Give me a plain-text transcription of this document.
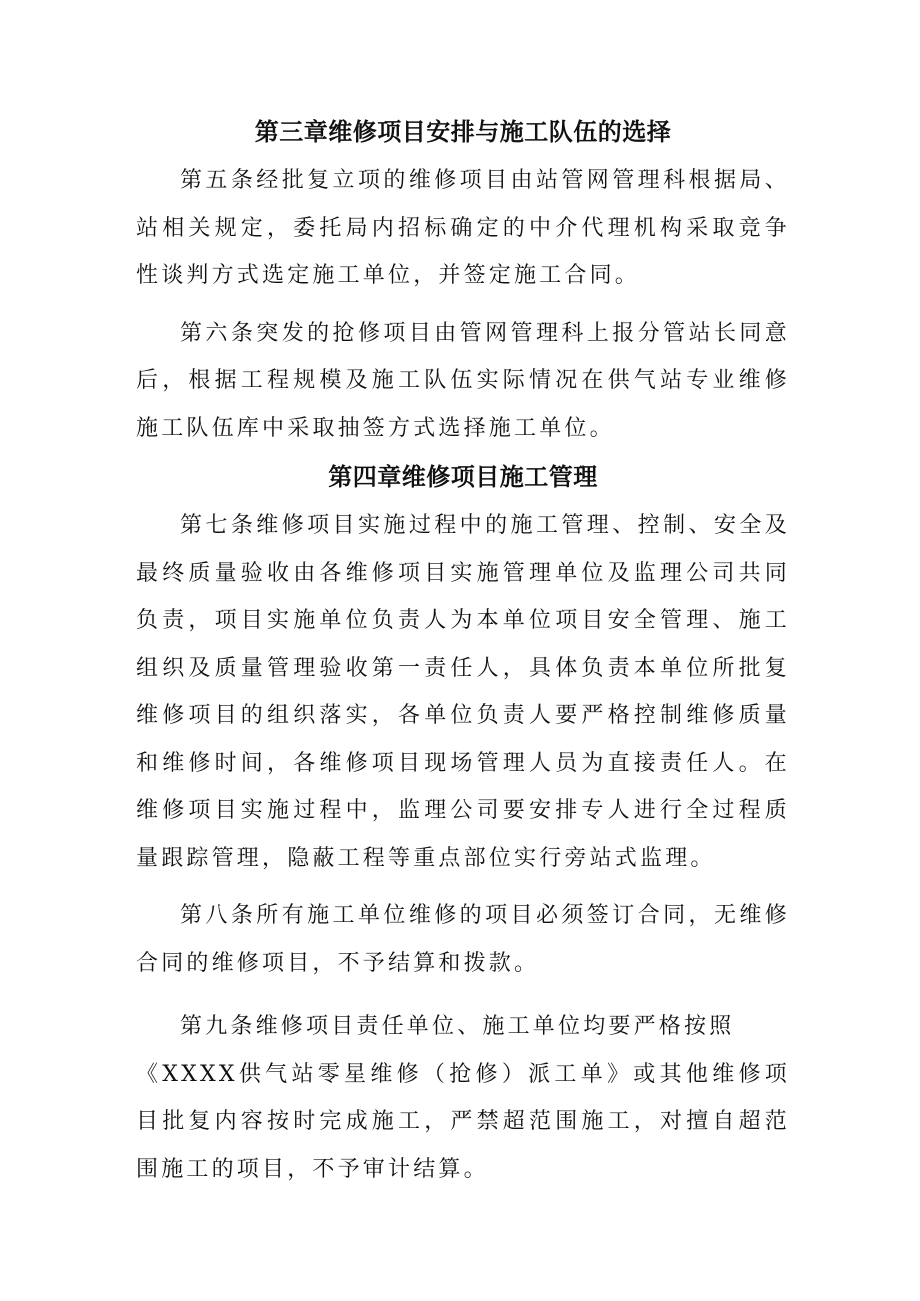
第三章维修项目安排与施工队伍的选择

第五条经批复立项的维修项目由站管网管理科根据局、站相关规定，委托局内招标确定的中介代理机构采取竞争性谈判方式选定施工单位，并签定施工合同。

第六条突发的抢修项目由管网管理科上报分管站长同意后，根据工程规模及施工队伍实际情况在供气站专业维修施工队伍库中采取抽签方式选择施工单位。

第四章维修项目施工管理

第七条维修项目实施过程中的施工管理、控制、安全及最终质量验收由各维修项目实施管理单位及监理公司共同负责，项目实施单位负责人为本单位项目安全管理、施工组织及质量管理验收第一责任人，具体负责本单位所批复维修项目的组织落实，各单位负责人要严格控制维修质量和维修时间，各维修项目现场管理人员为直接责任人。在维修项目实施过程中，监理公司要安排专人进行全过程质量跟踪管理，隐蔽工程等重点部位实行旁站式监理。

第八条所有施工单位维修的项目必须签订合同，无维修合同的维修项目，不予结算和拨款。

第九条维修项目责任单位、施工单位均要严格按照

《XXXX供气站零星维修（抢修）派工单》或其他维修项目批复内容按时完成施工，严禁超范围施工，对擅自超范围施工的项目，不予审计结算。
